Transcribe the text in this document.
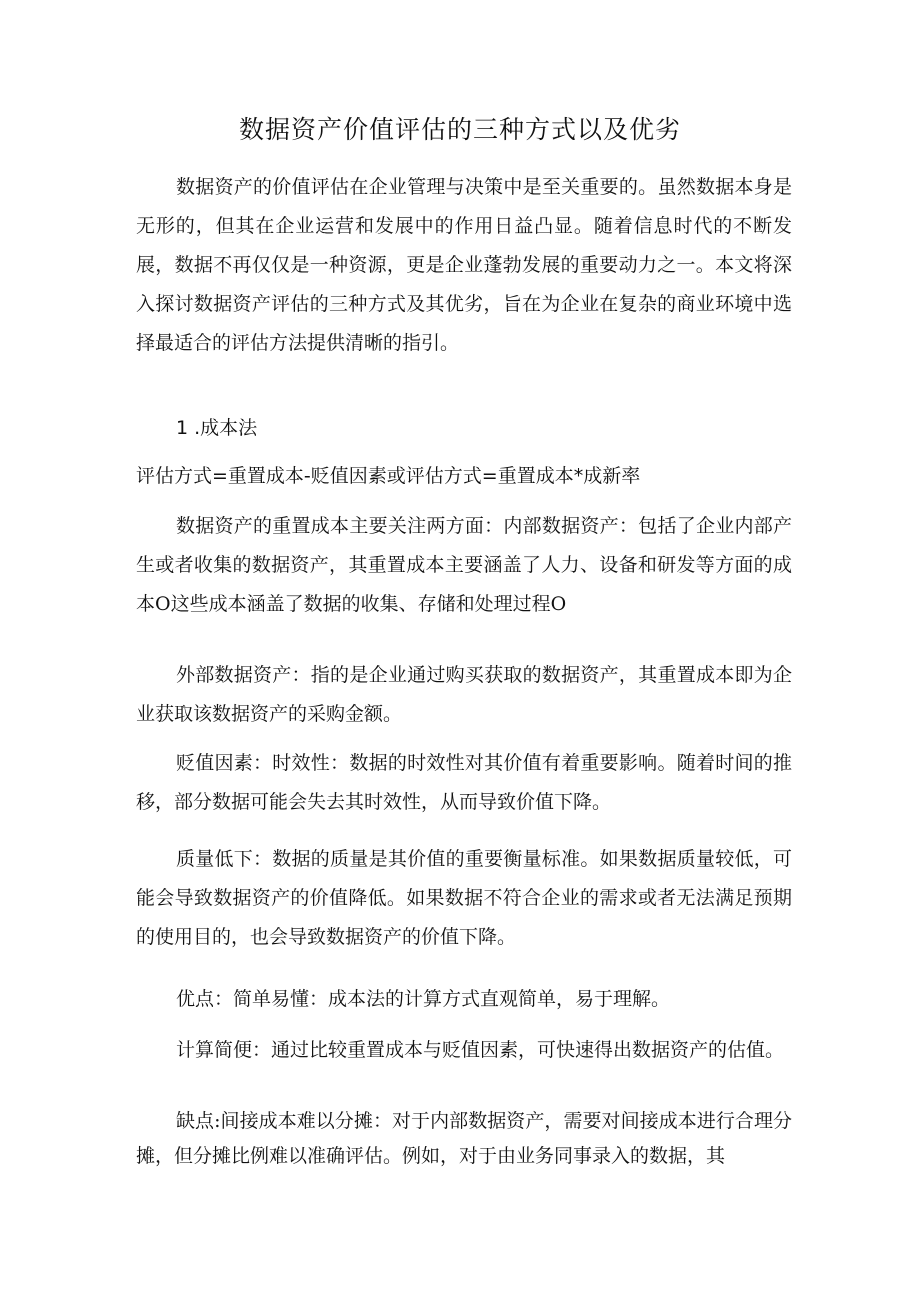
数据资产价值评估的三种方式以及优劣

数据资产的价值评估在企业管理与决策中是至关重要的。虽然数据本身是无形的，但其在企业运营和发展中的作用日益凸显。随着信息时代的不断发展，数据不再仅仅是一种资源，更是企业蓬勃发展的重要动力之一。本文将深入探讨数据资产评估的三种方式及其优劣，旨在为企业在复杂的商业环境中选择最适合的评估方法提供清晰的指引。

1 .成本法
评估方式=重置成本-贬值因素或评估方式=重置成本*成新率

数据资产的重置成本主要关注两方面：内部数据资产：包括了企业内部产生或者收集的数据资产，其重置成本主要涵盖了人力、设备和研发等方面的成本O这些成本涵盖了数据的收集、存储和处理过程O

外部数据资产：指的是企业通过购买获取的数据资产，其重置成本即为企业获取该数据资产的采购金额。

贬值因素：时效性：数据的时效性对其价值有着重要影响。随着时间的推移，部分数据可能会失去其时效性，从而导致价值下降。

质量低下：数据的质量是其价值的重要衡量标准。如果数据质量较低，可能会导致数据资产的价值降低。如果数据不符合企业的需求或者无法满足预期的使用目的，也会导致数据资产的价值下降。

优点：简单易懂：成本法的计算方式直观简单，易于理解。

计算简便：通过比较重置成本与贬值因素，可快速得出数据资产的估值。

缺点:间接成本难以分摊：对于内部数据资产，需要对间接成本进行合理分摊，但分摊比例难以准确评估。例如，对于由业务同事录入的数据，其
